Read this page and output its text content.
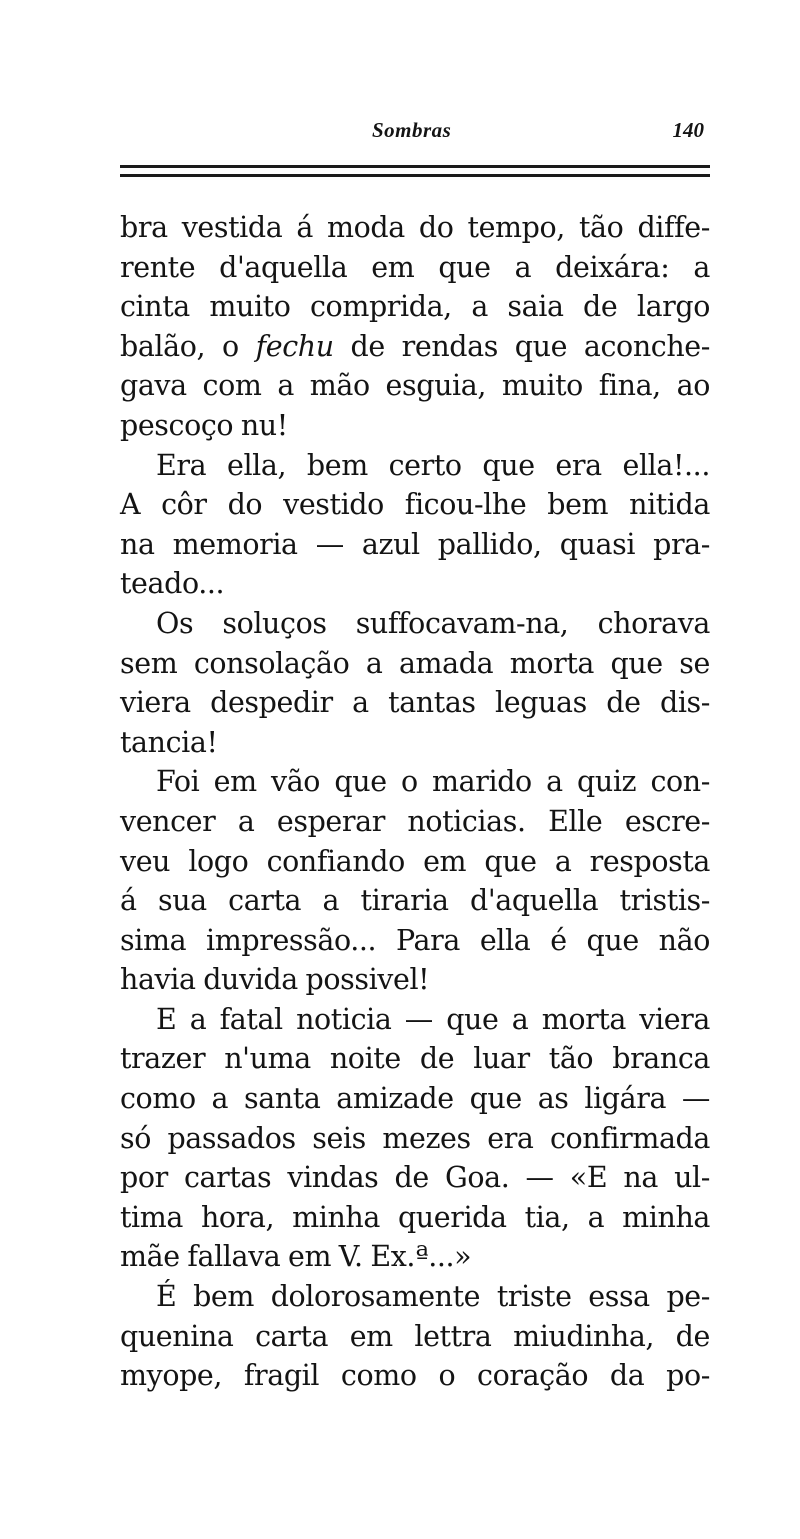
Sombras	140
bra vestida á moda do tempo, tão diffe-
rente d'aquella em que a deixára: a
cinta muito comprida, a saia de largo
balão, o fechu de rendas que aconche-
gava com a mão esguia, muito fina, ao
pescoço nu!
Era ella, bem certo que era ella!...
A côr do vestido ficou-lhe bem nitida
na memoria — azul pallido, quasi pra-
teado...
Os soluços suffocavam-na, chorava
sem consolação a amada morta que se
viera despedir a tantas leguas de dis-
tancia!
Foi em vão que o marido a quiz con-
vencer a esperar noticias. Elle escre-
veu logo confiando em que a resposta
á sua carta a tiraria d'aquella tristis-
sima impressão... Para ella é que não
havia duvida possivel!
E a fatal noticia — que a morta viera
trazer n'uma noite de luar tão branca
como a santa amizade que as ligára —
só passados seis mezes era confirmada
por cartas vindas de Goa. — «E na ul-
tima hora, minha querida tia, a minha
mãe fallava em V. Ex.ª...»
É bem dolorosamente triste essa pe-
quenina carta em lettra miudinha, de
myope, fragil como o coração da po-
